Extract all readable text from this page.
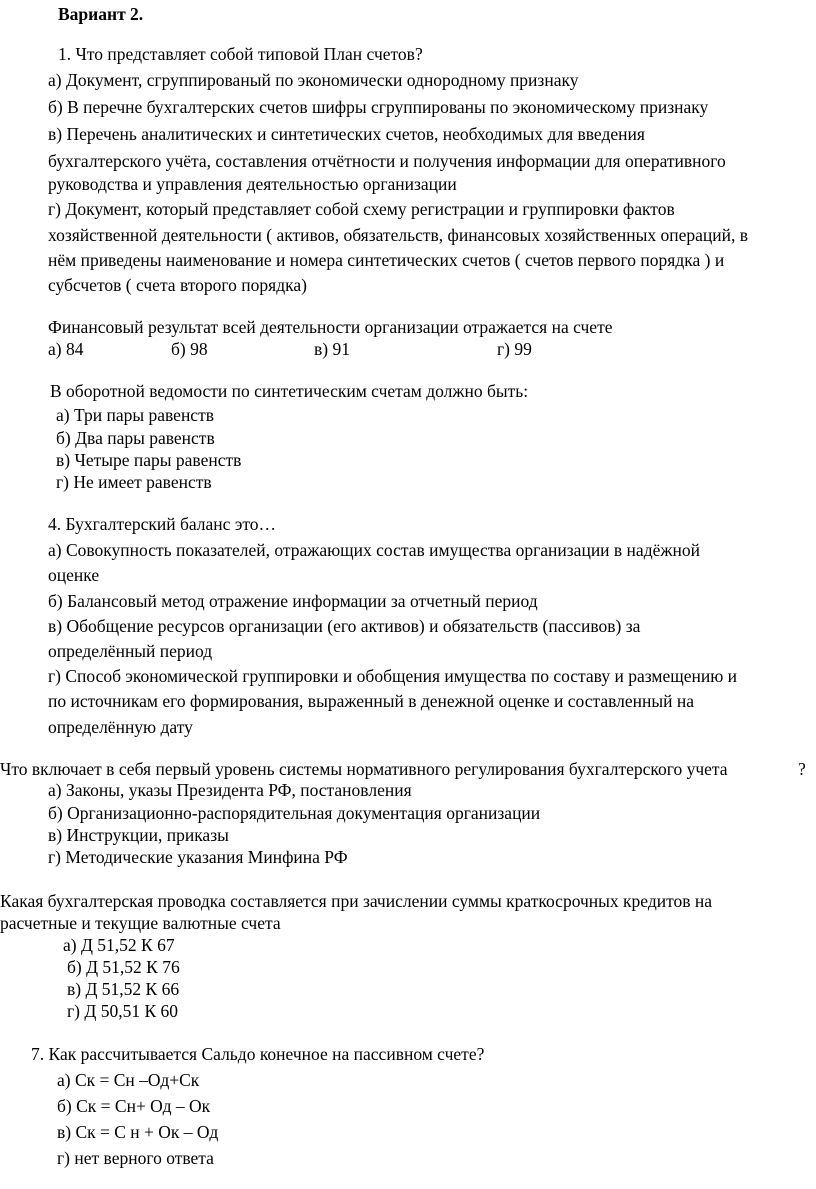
Вариант 2.
1. Что представляет собой типовой План счетов?
а) Документ, сгруппированый по экономически однородному признаку
б) В перечне бухгалтерских счетов шифры сгруппированы по экономическому признаку
в) Перечень аналитических и синтетических счетов, необходимых для введения
бухгалтерского учёта, составления отчётности и получения информации для оперативного
руководства и управления деятельностью организации
г) Документ, который представляет собой схему регистрации и группировки фактов
хозяйственной деятельности ( активов, обязательств, финансовых хозяйственных операций, в
нём приведены наименование и номера синтетических счетов ( счетов первого порядка ) и
субсчетов ( счета второго порядка)
Финансовый результат всей деятельности организации отражается на счете
а) 84	б) 98	в) 91	г) 99
В оборотной ведомости по синтетическим счетам должно быть:
а) Три пары равенств
б) Два пары равенств
в) Четыре пары равенств
г) Не имеет равенств
4. Бухгалтерский баланс это…
а) Совокупность показателей, отражающих состав имущества организации в надёжной
оценке
б) Балансовый метод отражение информации за отчетный период
в) Обобщение ресурсов организации (его активов) и обязательств (пассивов) за
определённый период
г) Способ экономической группировки и обобщения имущества по составу и размещению и
по источникам его формирования, выраженный в денежной оценке и составленный на
определённую дату
Что включает в себя первый уровень системы нормативного регулирования бухгалтерского учета	?
а) Законы, указы Президента РФ, постановления
б) Организационно-распорядительная документация организации
в) Инструкции, приказы
г) Методические указания Минфина РФ
Какая бухгалтерская проводка составляется при зачислении суммы краткосрочных кредитов на
расчетные и текущие валютные счета
а) Д 51,52 К 67
б) Д 51,52 К 76
в) Д 51,52 К 66
г) Д 50,51 К 60
7. Как рассчитывается Сальдо конечное на пассивном счете?
а) Ск = Сн –Од+Ск
б) Ск = Сн+ Од – Ок
в) Ск = С н + Ок – Од
г) нет верного ответа
